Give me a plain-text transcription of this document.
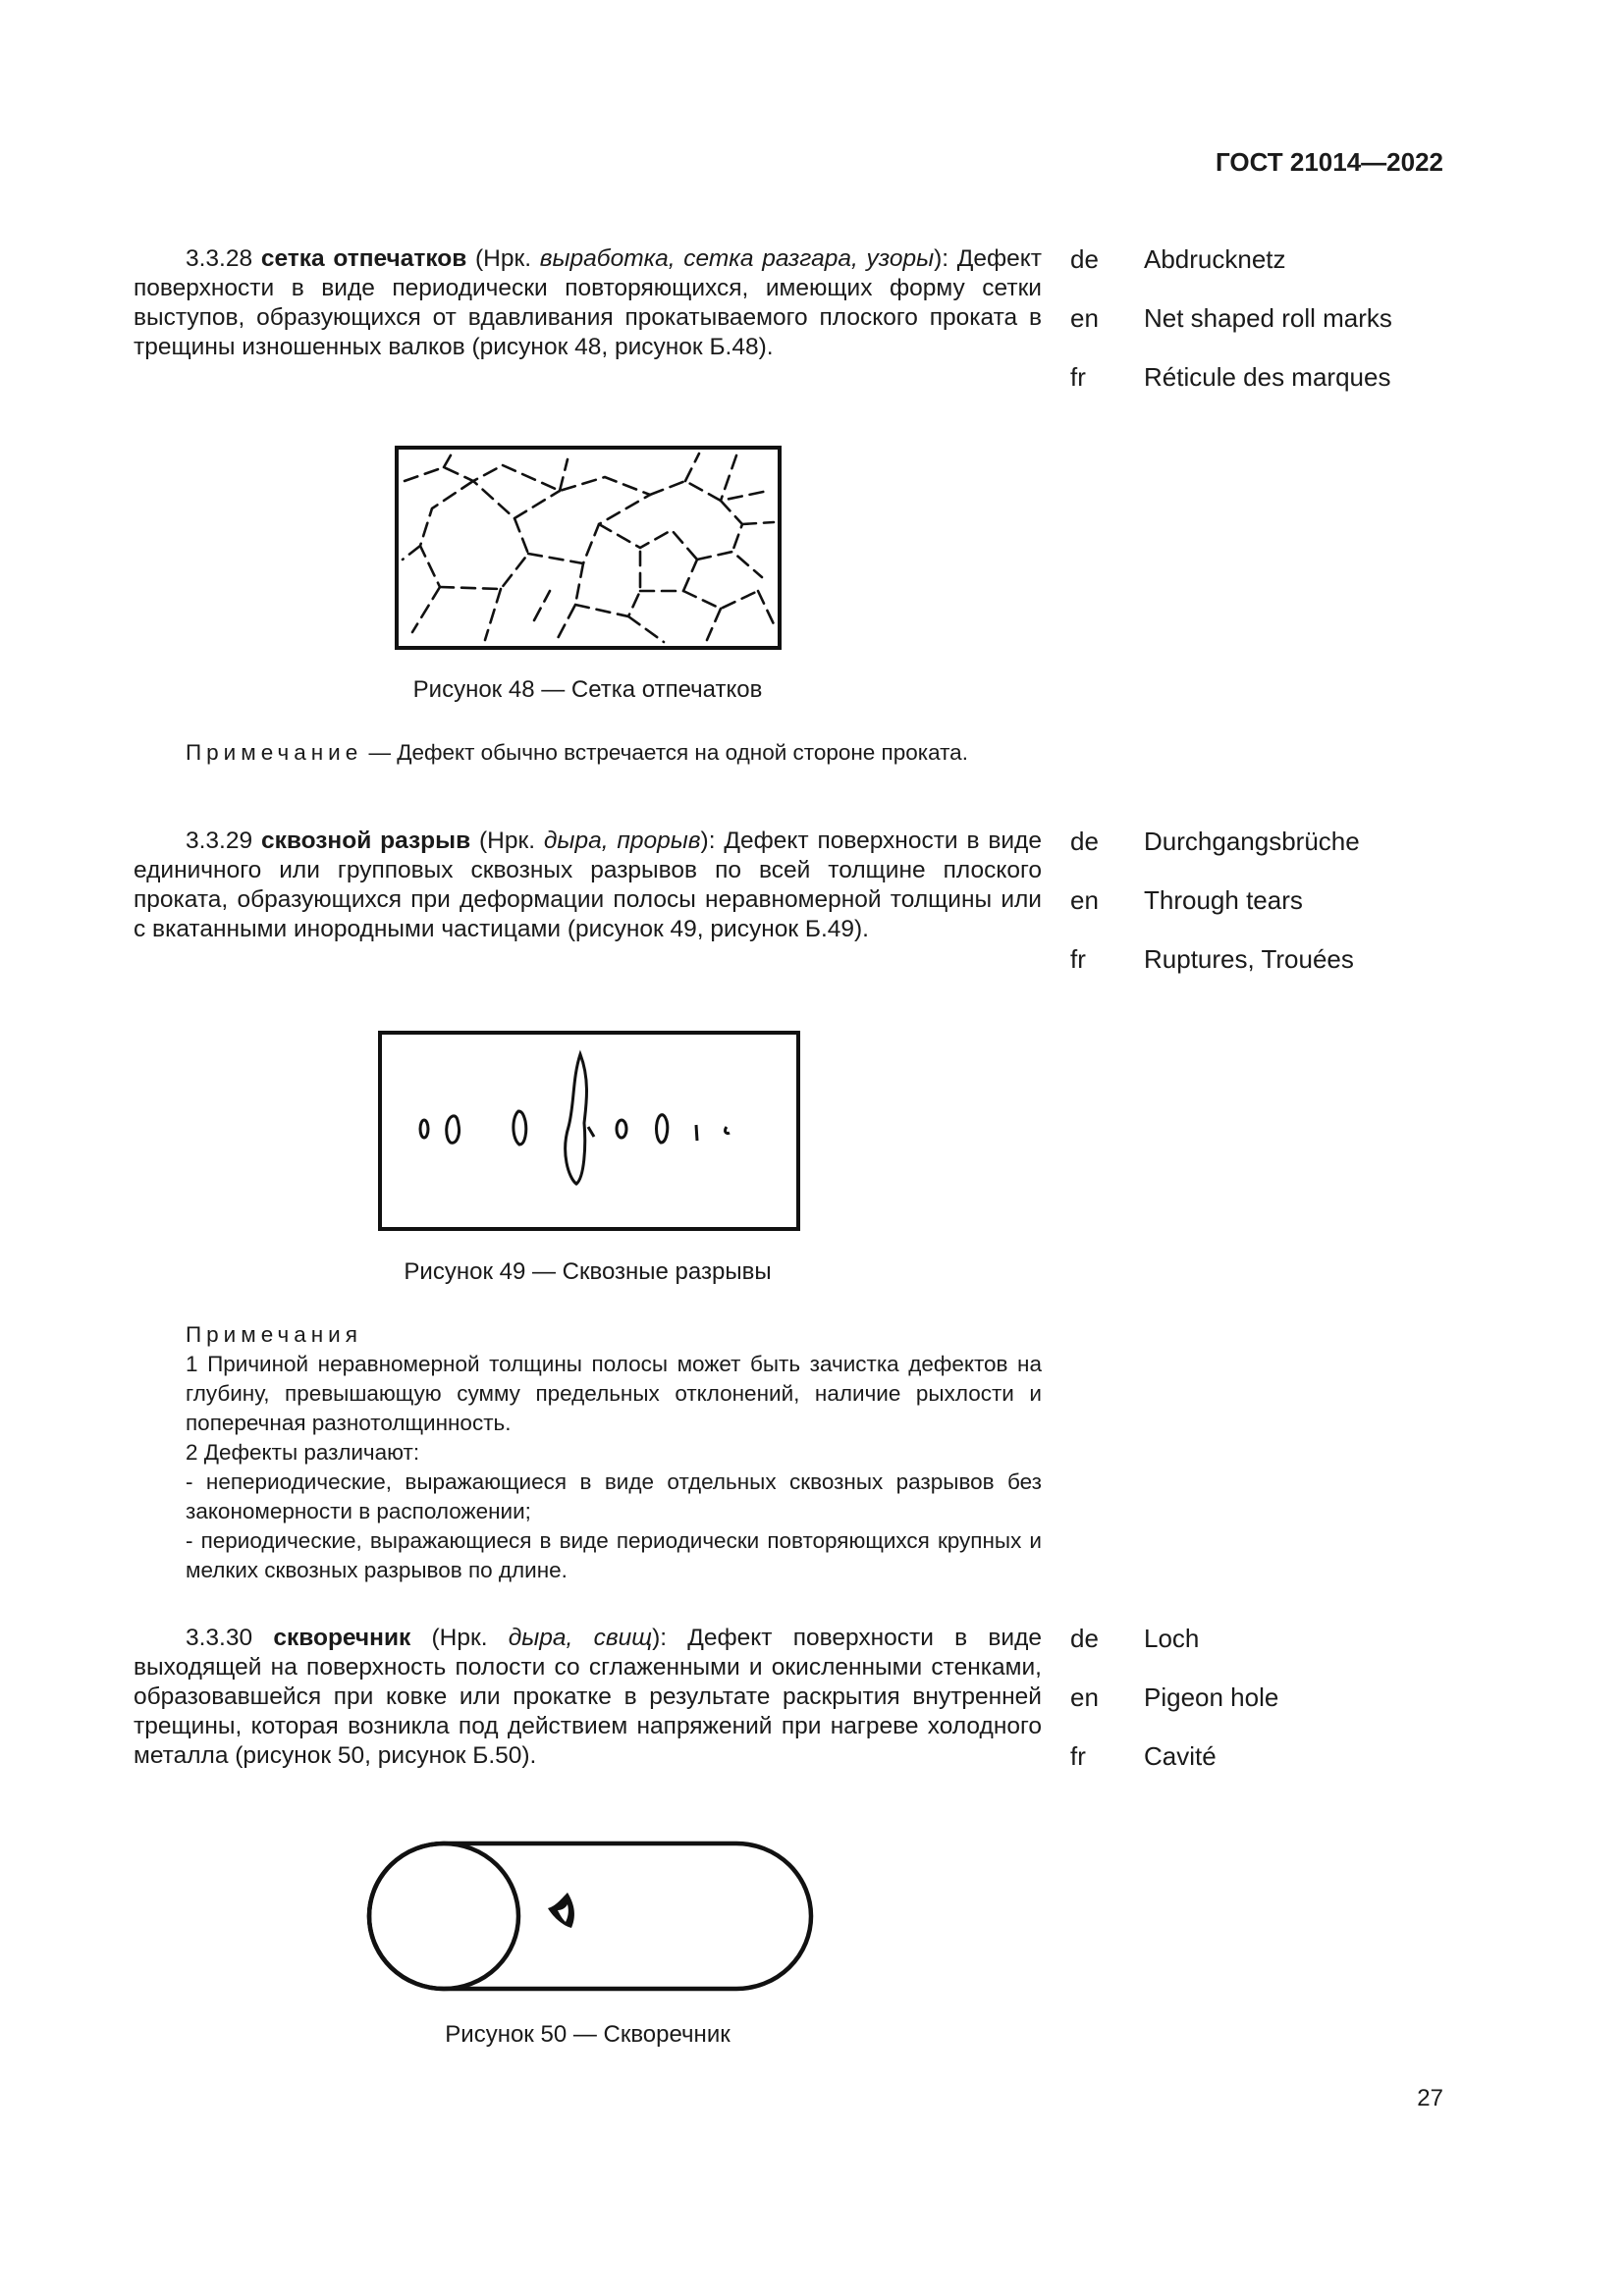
ГОСТ 21014—2022
3.3.28 сетка отпечатков (Нрк. выработка, сетка разгара, узоры): Дефект поверхности в виде периодически повторяющихся, имеющих форму сетки выступов, образующихся от вдавливания прокатываемого плоского проката в трещины изношенных валков (рисунок 48, рисунок Б.48).
de	Abdrucknetz
en	Net shaped roll marks
fr	Réticule des marques
Рисунок 48 — Сетка отпечатков
Примечание — Дефект обычно встречается на одной стороне проката.
3.3.29 сквозной разрыв (Нрк. дыра, прорыв): Дефект поверхности в виде единичного или групповых сквозных разрывов по всей толщине плоского проката, образующихся при деформации полосы неравномерной толщины или с вкатанными инородными частицами (рисунок 49, рисунок Б.49).
de	Durchgangsbrüche
en	Through tears
fr	Ruptures, Trouées
Рисунок 49 — Сквозные разрывы
Примечания
1 Причиной неравномерной толщины полосы может быть зачистка дефектов на глубину, превышающую сумму предельных отклонений, наличие рыхлости и поперечная разнотолщинность.
2 Дефекты различают:
- непериодические, выражающиеся в виде отдельных сквозных разрывов без закономерности в расположении;
- периодические, выражающиеся в виде периодически повторяющихся крупных и мелких сквозных разрывов по длине.
3.3.30 скворечник (Нрк. дыра, свищ): Дефект поверхности в виде выходящей на поверхность полости со сглаженными и окисленными стенками, образовавшейся при ковке или прокатке в результате раскрытия внутренней трещины, которая возникла под действием напряжений при нагреве холодного металла (рисунок 50, рисунок Б.50).
de	Loch
en	Pigeon hole
fr	Cavité
Рисунок 50 — Скворечник
27
